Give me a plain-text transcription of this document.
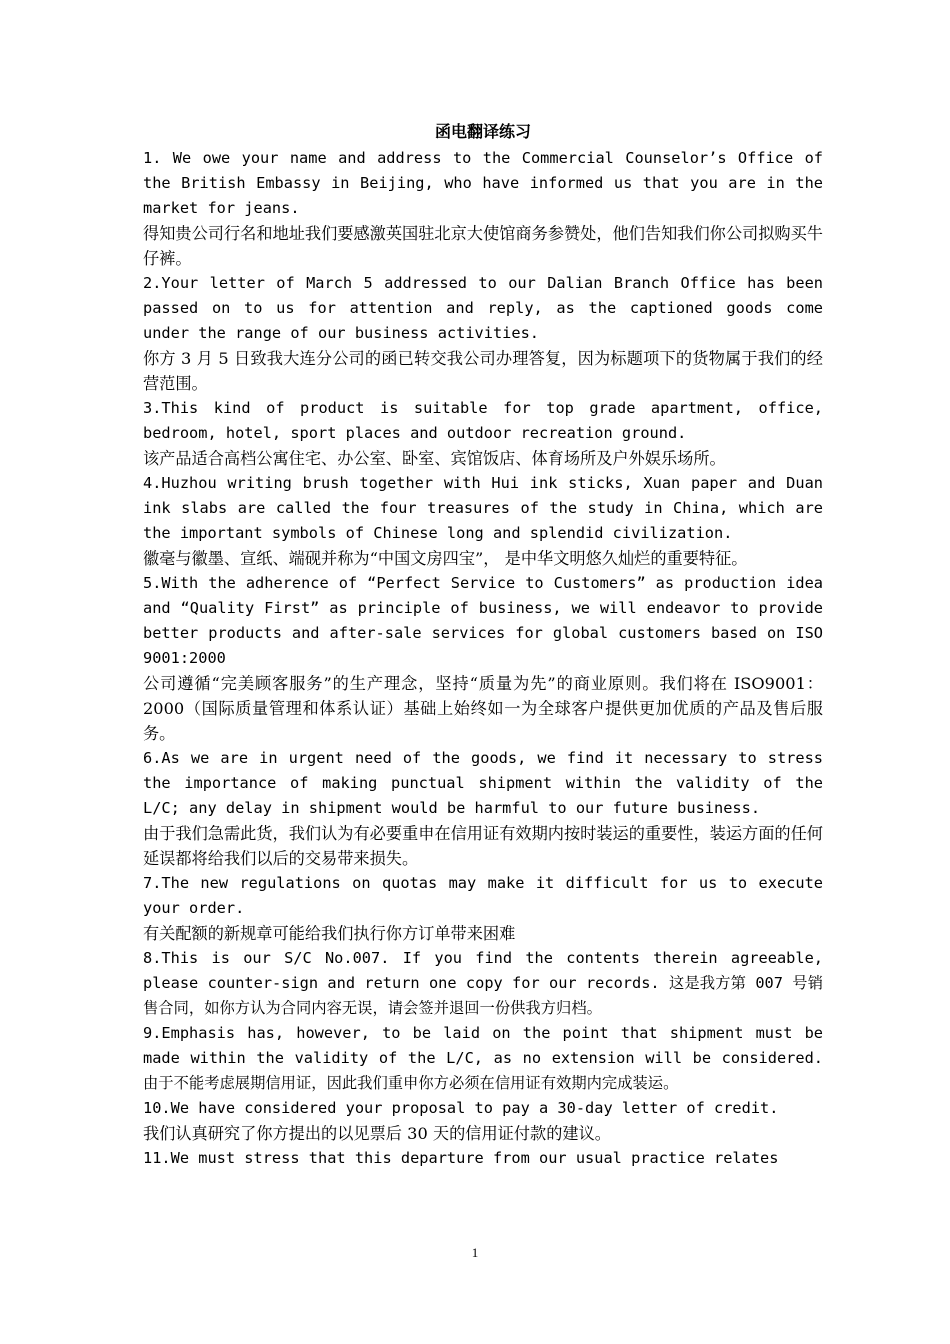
函电翻译练习

1. We owe your name and address to the Commercial Counselor’s Office of the British Embassy in Beijing, who have informed us that you are in the market for jeans.

得知贵公司行名和地址我们要感激英国驻北京大使馆商务参赞处，他们告知我们你公司拟购买牛仔裤。

2.Your letter of March 5 addressed to our Dalian Branch Office has been passed on to us for attention and reply, as the captioned goods come under the range of our business activities.

你方 3 月 5 日致我大连分公司的函已转交我公司办理答复，因为标题项下的货物属于我们的经营范围。

3.This kind of product is suitable for top grade apartment, office, bedroom, hotel, sport places and outdoor recreation ground.

该产品适合高档公寓住宅、办公室、卧室、宾馆饭店、体育场所及户外娱乐场所。

4.Huzhou writing brush together with Hui ink sticks, Xuan paper and Duan ink slabs are called the four treasures of the study in China, which are the important symbols of Chinese long and splendid civilization.

徽毫与徽墨、宣纸、端砚并称为“中国文房四宝”， 是中华文明悠久灿烂的重要特征。

5.With the adherence of “Perfect Service to Customers” as production idea and “Quality First” as principle of business, we will endeavor to provide better products and after-sale services for global customers based on ISO 9001:2000

公司遵循“完美顾客服务”的生产理念，坚持“质量为先”的商业原则。我们将在 ISO9001：2000（国际质量管理和体系认证）基础上始终如一为全球客户提供更加优质的产品及售后服务。

6.As we are in urgent need of the goods, we find it necessary to stress the importance of making punctual shipment within the validity of the L/C; any delay in shipment would be harmful to our future business.

由于我们急需此货，我们认为有必要重申在信用证有效期内按时装运的重要性，装运方面的任何延误都将给我们以后的交易带来损失。

7.The new regulations on quotas may make it difficult for us to execute your order.

有关配额的新规章可能给我们执行你方订单带来困难

8.This is our S/C No.007. If you find the contents therein agreeable, please counter-sign and return one copy for our records. 这是我方第 007 号销售合同，如你方认为合同内容无误，请会签并退回一份供我方归档。

9.Emphasis has, however, to be laid on the point that shipment must be made within the validity of the L/C, as no extension will be considered. 由于不能考虑展期信用证，因此我们重申你方必须在信用证有效期内完成装运。

10.We have considered your proposal to pay a 30-day letter of credit.

我们认真研究了你方提出的以见票后 30 天的信用证付款的建议。

11.We must stress that this departure from our usual practice relates

1
